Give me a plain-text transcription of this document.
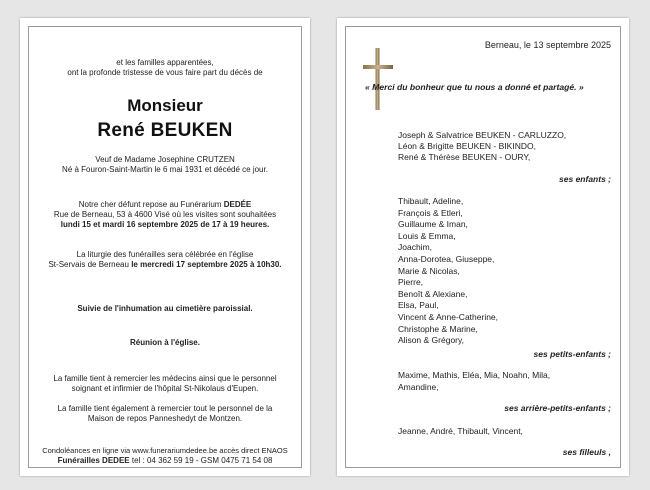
et les familles apparentées,

ont la profonde tristesse de vous faire part du décès de

Monsieur

René BEUKEN

Veuf de Madame Josephine CRUTZEN

Né à Fouron-Saint-Martin le 6 mai 1931 et décédé ce jour.

Notre cher défunt repose au Funérarium DEDÉE

Rue de Berneau, 53 à 4600 Visé où les visites sont souhaitées

lundi 15 et mardi 16 septembre 2025 de 17 à 19 heures.

La liturgie des funérailles sera célébrée en l'église

St-Servais de Berneau le mercredi 17 septembre 2025 à 10h30.

Suivie de l'inhumation au cimetière paroissial.

Réunion à l'église.

La famille tient à remercier les médecins ainsi que le personnel

soignant et infirmier de l'hôpital St-Nikolaus d'Eupen.

La famille tient également à remercier tout le personnel de la

Maison de repos Panneshedyt de Montzen.

Condoléances en ligne via www.funerariumdedee.be accès direct ENAOS

Funérailles DEDEE tel : 04 362 59 19 - GSM 0475 71 54 08

Berneau, le 13 septembre 2025

« Merci du bonheur que tu nous a donné et partagé. »

Joseph & Salvatrice BEUKEN - CARLUZZO,

Léon & Brigitte BEUKEN - BIKINDO,

René & Thérèse BEUKEN - OURY,

ses enfants ;

Thibault, Adeline,

François & Etleri,

Guillaume & Iman,

Louis & Emma,

Joachim,

Anna-Dorotea, Giuseppe,

Marie & Nicolas,

Pierre,

Benoît & Alexiane,

Elsa, Paul,

Vincent & Anne-Catherine,

Christophe & Marine,

Alison & Grégory,

ses petits-enfants ;

Maxime, Mathis, Eléa, Mia, Noahn, Mila,

Amandine,

ses arrière-petits-enfants ;

Jeanne, André, Thibault, Vincent,

ses filleuls ,
